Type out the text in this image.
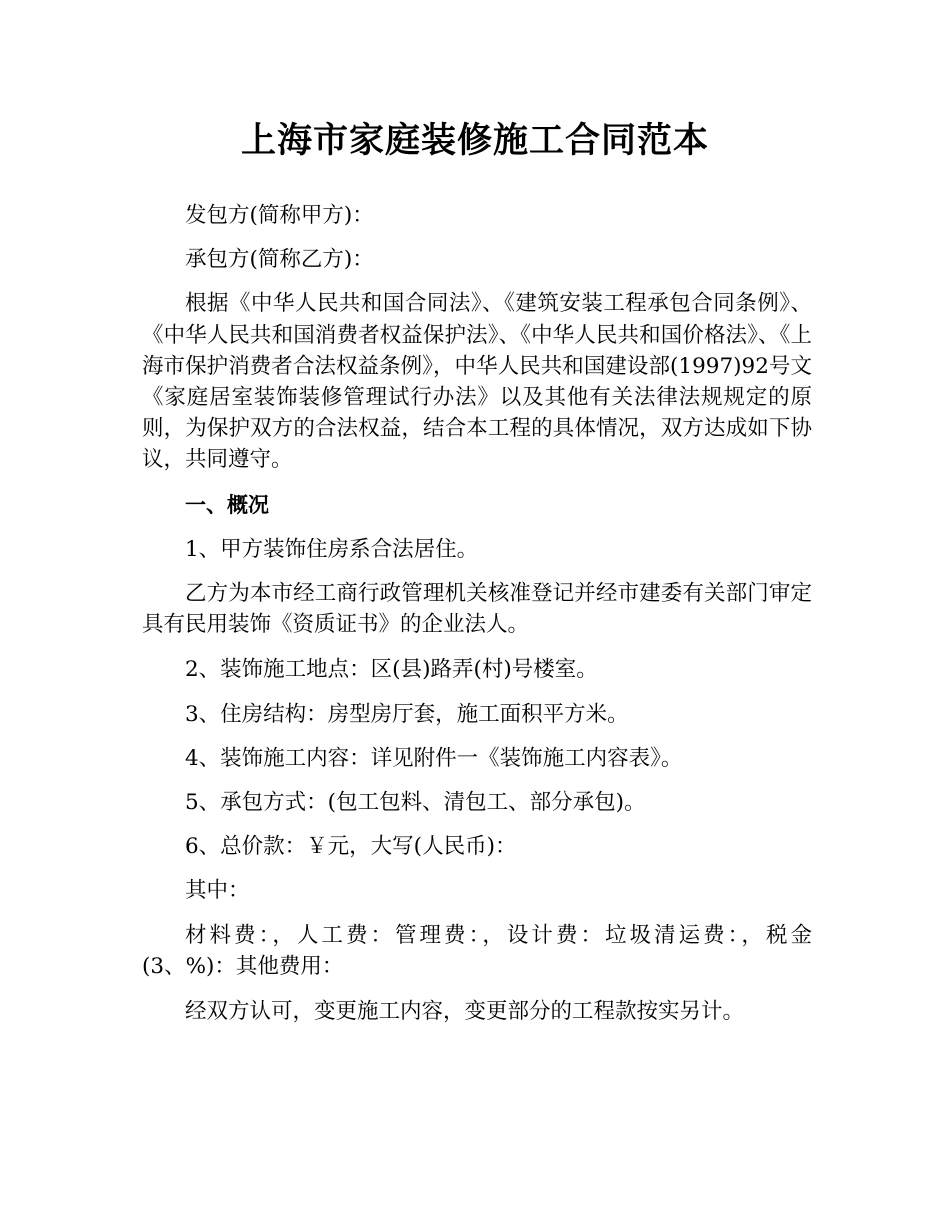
上海市家庭装修施工合同范本

发包方(简称甲方)：

承包方(简称乙方)：

根据《中华人民共和国合同法》、《建筑安装工程承包合同条例》、《中华人民共和国消费者权益保护法》、《中华人民共和国价格法》、《上海市保护消费者合法权益条例》，中华人民共和国建设部(1997)92号文《家庭居室装饰装修管理试行办法》以及其他有关法律法规规定的原则，为保护双方的合法权益，结合本工程的具体情况，双方达成如下协议，共同遵守。

一、概况

1、甲方装饰住房系合法居住。

乙方为本市经工商行政管理机关核准登记并经市建委有关部门审定具有民用装饰《资质证书》的企业法人。

2、装饰施工地点：区(县)路弄(村)号楼室。

3、住房结构：房型房厅套，施工面积平方米。

4、装饰施工内容：详见附件一《装饰施工内容表》。

5、承包方式：(包工包料、清包工、部分承包)。

6、总价款：￥元，大写(人民币)：

其中：

材料费：，人工费：管理费：，设计费：垃圾清运费：，税金(3、%)：其他费用：

经双方认可，变更施工内容，变更部分的工程款按实另计。
